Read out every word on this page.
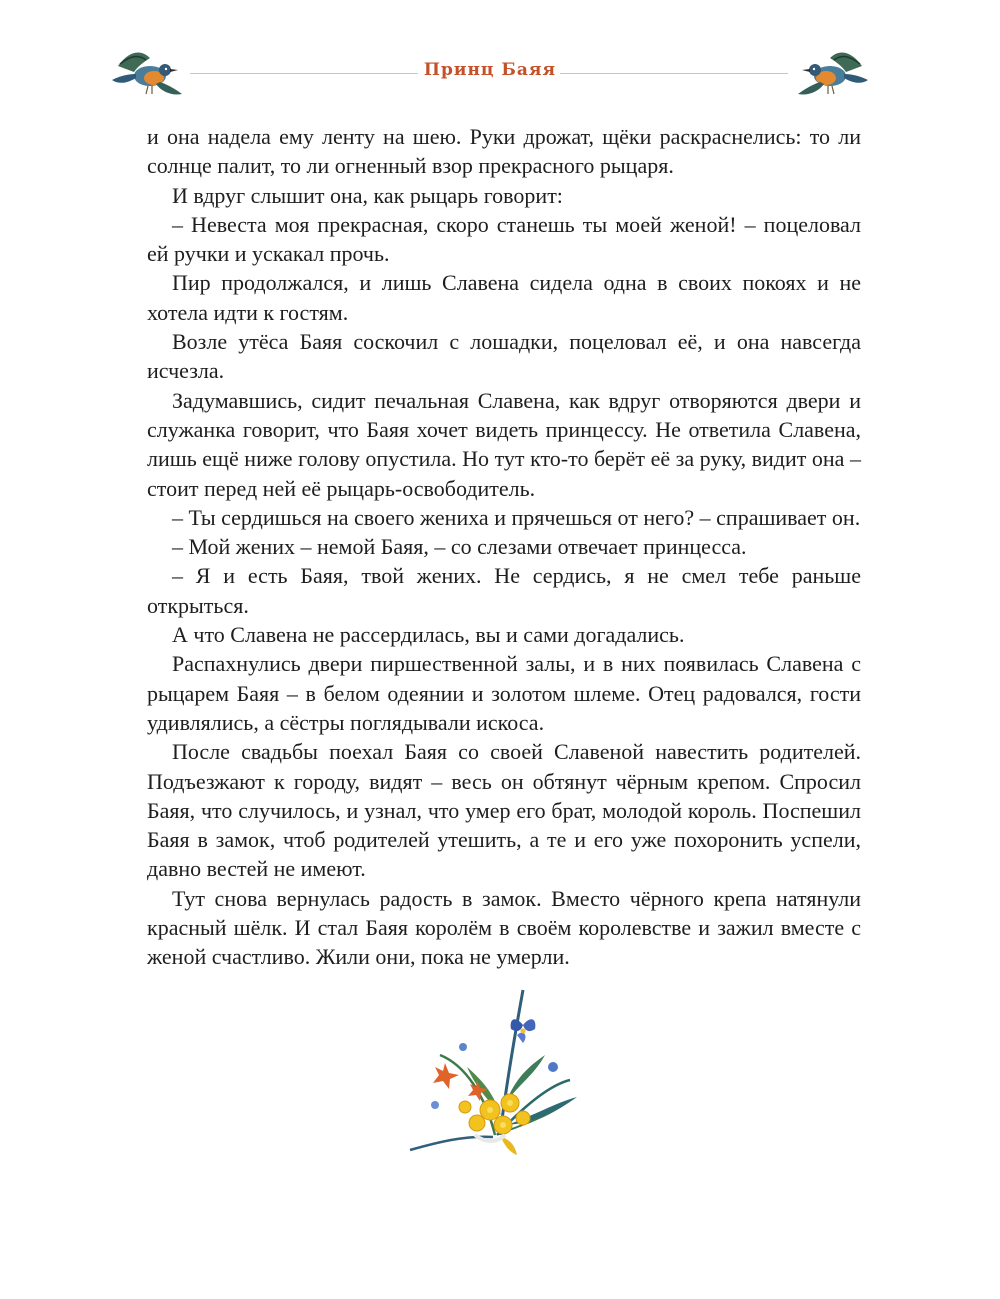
Принц Баяя

и она надела ему ленту на шею. Руки дрожат, щёки раскраснелись: то ли солнце палит, то ли огненный взор прекрасного рыцаря.

И вдруг слышит она, как рыцарь говорит:

– Невеста моя прекрасная, скоро станешь ты моей женой! – поцеловал ей ручки и ускакал прочь.

Пир продолжался, и лишь Славена сидела одна в своих покоях и не хотела идти к гостям.

Возле утёса Баяя соскочил с лошадки, поцеловал её, и она навсегда исчезла.

Задумавшись, сидит печальная Славена, как вдруг отворяются двери и служанка говорит, что Баяя хочет видеть принцессу. Не ответила Славена, лишь ещё ниже голову опустила. Но тут кто-то берёт её за руку, видит она – стоит перед ней её рыцарь-освободитель.

– Ты сердишься на своего жениха и прячешься от него? – спрашивает он.

– Мой жених – немой Баяя, – со слезами отвечает принцесса.

– Я и есть Баяя, твой жених. Не сердись, я не смел тебе раньше открыться.

А что Славена не рассердилась, вы и сами догадались.

Распахнулись двери пиршественной залы, и в них появилась Славена с рыцарем Баяя – в белом одеянии и золотом шлеме. Отец радовался, гости удивлялись, а сёстры поглядывали искоса.

После свадьбы поехал Баяя со своей Славеной навестить родителей. Подъезжают к городу, видят – весь он обтянут чёрным крепом. Спросил Баяя, что случилось, и узнал, что умер его брат, молодой король. Поспешил Баяя в замок, чтоб родителей утешить, а те и его уже похоронить успели, давно вестей не имеют.

Тут снова вернулась радость в замок. Вместо чёрного крепа натянули красный шёлк. И стал Баяя королём в своём королевстве и зажил вместе с женой счастливо. Жили они, пока не умерли.
